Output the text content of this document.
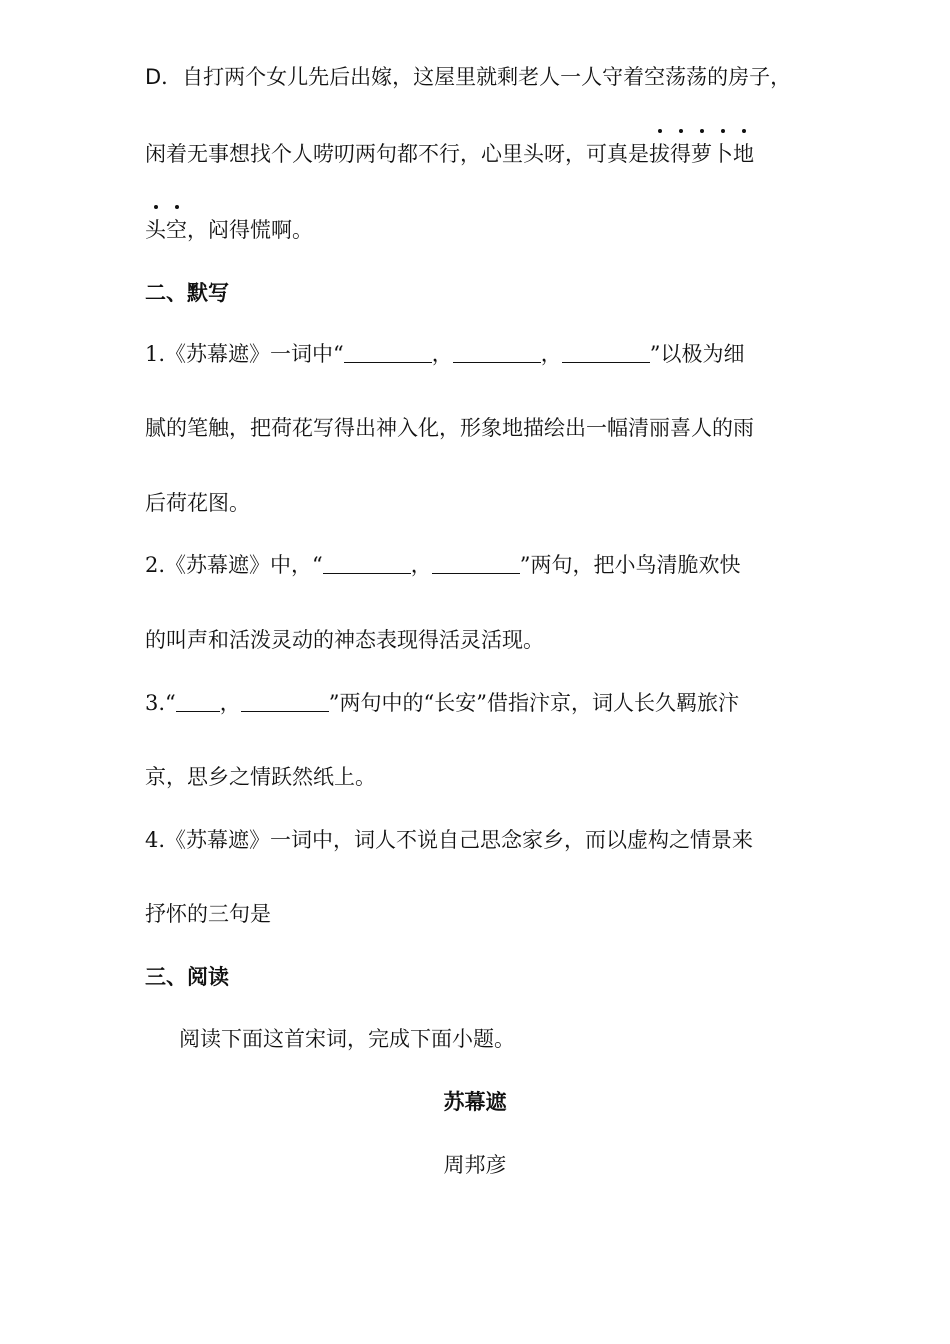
D．自打两个女儿先后出嫁，这屋里就剩老人一人守着空荡荡的房子，
闲着无事想找个人唠叨两句都不行，心里头呀，可真是拔得萝卜地
头空，闷得慌啊。
二、默写
1.《苏幕遮》一词中“	，	，	”以极为细
腻的笔触，把荷花写得出神入化，形象地描绘出一幅清丽喜人的雨
后荷花图。
2.《苏幕遮》中，“	，	”两句，把小鸟清脆欢快
的叫声和活泼灵动的神态表现得活灵活现。
3.“ ，	”两句中的“长安”借指汴京，词人长久羁旅汴
京，思乡之情跃然纸上。
4.《苏幕遮》一词中，词人不说自己思念家乡，而以虚构之情景来
抒怀的三句是
三、阅读
阅读下面这首宋词，完成下面小题。
苏幕遮
周邦彦
